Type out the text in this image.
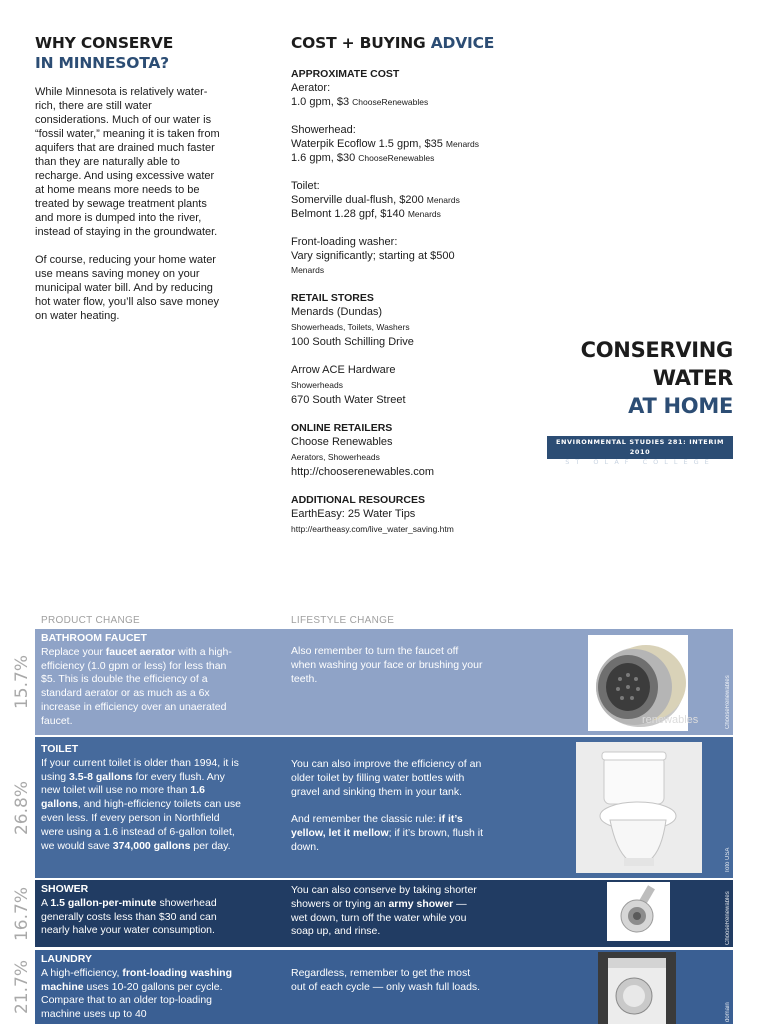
WHY CONSERVE
IN MINNESOTA?

While Minnesota is relatively water-rich, there are still water considerations. Much of our water is “fossil water,” meaning it is taken from aquifers that are drained much faster than they are naturally able to recharge. And using excessive water at home means more needs to be treated by sewage treatment plants and more is dumped into the river, instead of staying in the groundwater.

Of course, reducing your home water use means saving money on your municipal water bill. And by reducing hot water flow, you’ll also save money on water heating.

COST + BUYING ADVICE
APPROXIMATE COST
Aerator:
1.0 gpm, $3 ChooseRenewables
Showerhead:
Waterpik Ecoflow 1.5 gpm, $35 Menards
1.6 gpm, $30 ChooseRenewables
Toilet:
Somerville dual-flush, $200 Menards
Belmont 1.28 gpf, $140 Menards
Front-loading washer:
Vary significantly; starting at $500
Menards
RETAIL STORES
Menards (Dundas)
Showerheads, Toilets, Washers
100 South Schilling Drive
Arrow ACE Hardware
Showerheads
670 South Water Street
ONLINE RETAILERS
Choose Renewables
Aerators, Showerheads
http://chooserenewables.com
ADDITIONAL RESOURCES
EarthEasy: 25 Water Tips
http://eartheasy.com/live_water_saving.htm
CONSERVING
WATER
AT HOME
ENVIRONMENTAL STUDIES 281: INTERIM 2010
ST OLAF COLLEGE
PRODUCT CHANGE	LIFESTYLE CHANGE
15.7%
BATHROOM FAUCET
Replace your faucet aerator with a high-efficiency (1.0 gpm or less) for less than $5. This is double the efficiency of a standard aerator or as much as a 6x increase in efficiency over an unaerated faucet.
Also remember to turn the faucet off when washing your face or brushing your teeth.
renewables	ChooseRenewables
26.8%
TOILET
If your current toilet is older than 1994, it is using 3.5-8 gallons for every flush. Any new toilet will use no more than 1.6 gallons, and high-efficiency toilets can use even less. If every person in Northfield were using a 1.6 instead of 6-gallon toilet, we would save 374,000 gallons per day.
You can also improve the efficiency of an older toilet by filling water bottles with gravel and sinking them in your tank.
And remember the classic rule: if it’s yellow, let it mellow; if it’s brown, flush it down.
Toto USA
16.7% SHOWER
A 1.5 gallon-per-minute showerhead generally costs less than $30 and can nearly halve your water consumption.
You can also conserve by taking shorter showers or trying an army shower — wet down, turn off the water while you soap up, and rinse.	ChooseRenewables
21.7%
LAUNDRY
A high-efficiency, front-loading washing machine uses 10-20 gallons per cycle. Compare that to an older top-loading machine uses up to 40
Regardless, remember to get the most out of each cycle — only wash full loads.
domain
